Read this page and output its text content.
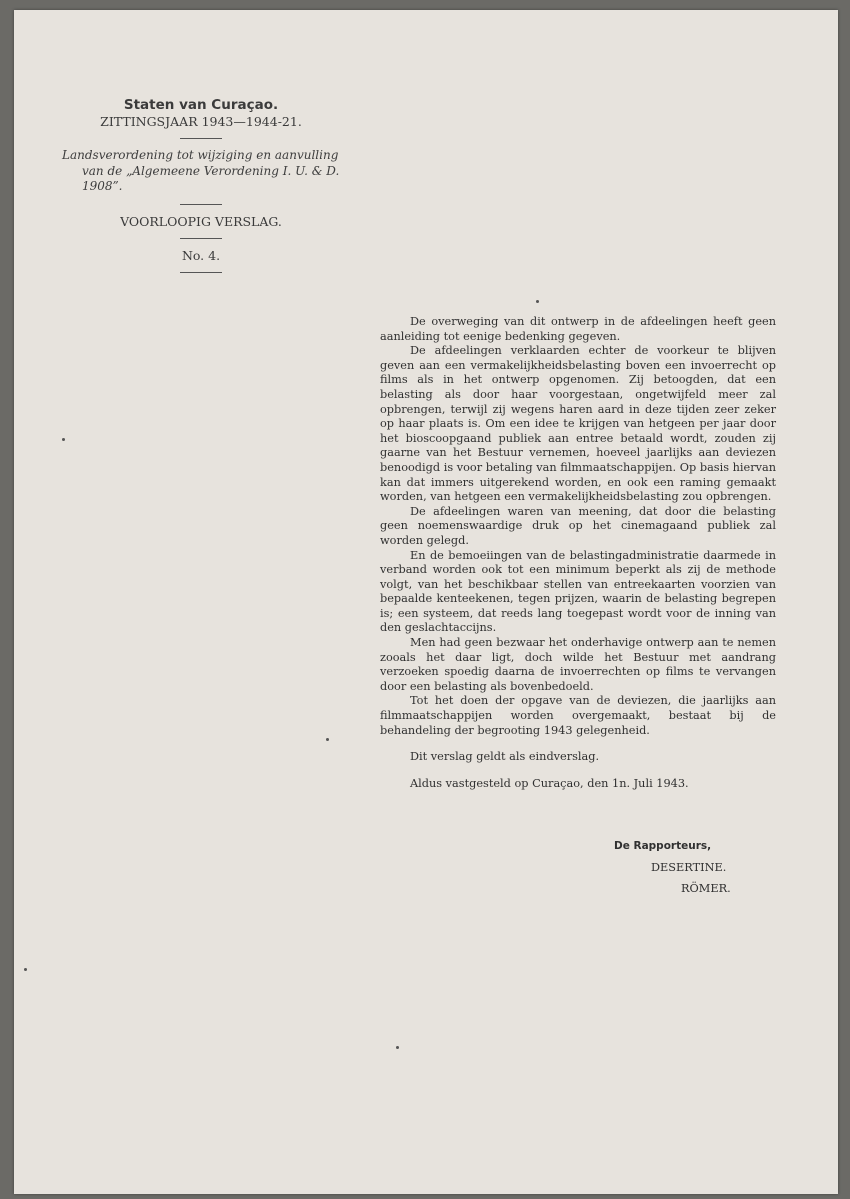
Staten van Curaçao.
ZITTINGSJAAR 1943—1944-21.

Landsverordening tot wijziging en aanvulling van de „Algemeene Verordening I. U. & D. 1908”.

VOORLOOPIG VERSLAG.
No. 4.

De overweging van dit ontwerp in de afdeelingen heeft geen aanleiding tot eenige bedenking gegeven.

De afdeelingen verklaarden echter de voorkeur te blijven geven aan een vermakelijkheidsbelasting boven een invoerrecht op films als in het ontwerp opgenomen. Zij betoogden, dat een belasting als door haar voorgestaan, ongetwijfeld meer zal opbrengen, terwijl zij wegens haren aard in deze tijden zeer zeker op haar plaats is. Om een idee te krijgen van hetgeen per jaar door het bioscoopgaand publiek aan entree betaald wordt, zouden zij gaarne van het Bestuur vernemen, hoeveel jaarlijks aan deviezen benoodigd is voor betaling van filmmaatschappijen. Op basis hiervan kan dat immers uitgerekend worden, en ook een raming gemaakt worden, van hetgeen een vermakelijkheidsbelasting zou opbrengen.

De afdeelingen waren van meening, dat door die belasting geen noemenswaardige druk op het cinemagaand publiek zal worden gelegd.

En de bemoeiingen van de belastingadministratie daarmede in verband worden ook tot een minimum beperkt als zij de methode volgt, van het beschikbaar stellen van entreekaarten voorzien van bepaalde kenteekenen, tegen prijzen, waarin de belasting begrepen is; een systeem, dat reeds lang toegepast wordt voor de inning van den geslachtaccijns.

Men had geen bezwaar het onderhavige ontwerp aan te nemen zooals het daar ligt, doch wilde het Bestuur met aandrang verzoeken spoedig daarna de invoerrechten op films te vervangen door een belasting als bovenbedoeld.

Tot het doen der opgave van de deviezen, die jaarlijks aan filmmaatschappijen worden overgemaakt, bestaat bij de behandeling der begrooting 1943 gelegenheid.

Dit verslag geldt als eindverslag.

Aldus vastgesteld op Curaçao, den 1n. Juli 1943.

De Rapporteurs,
DESERTINE.
RÖMER.
